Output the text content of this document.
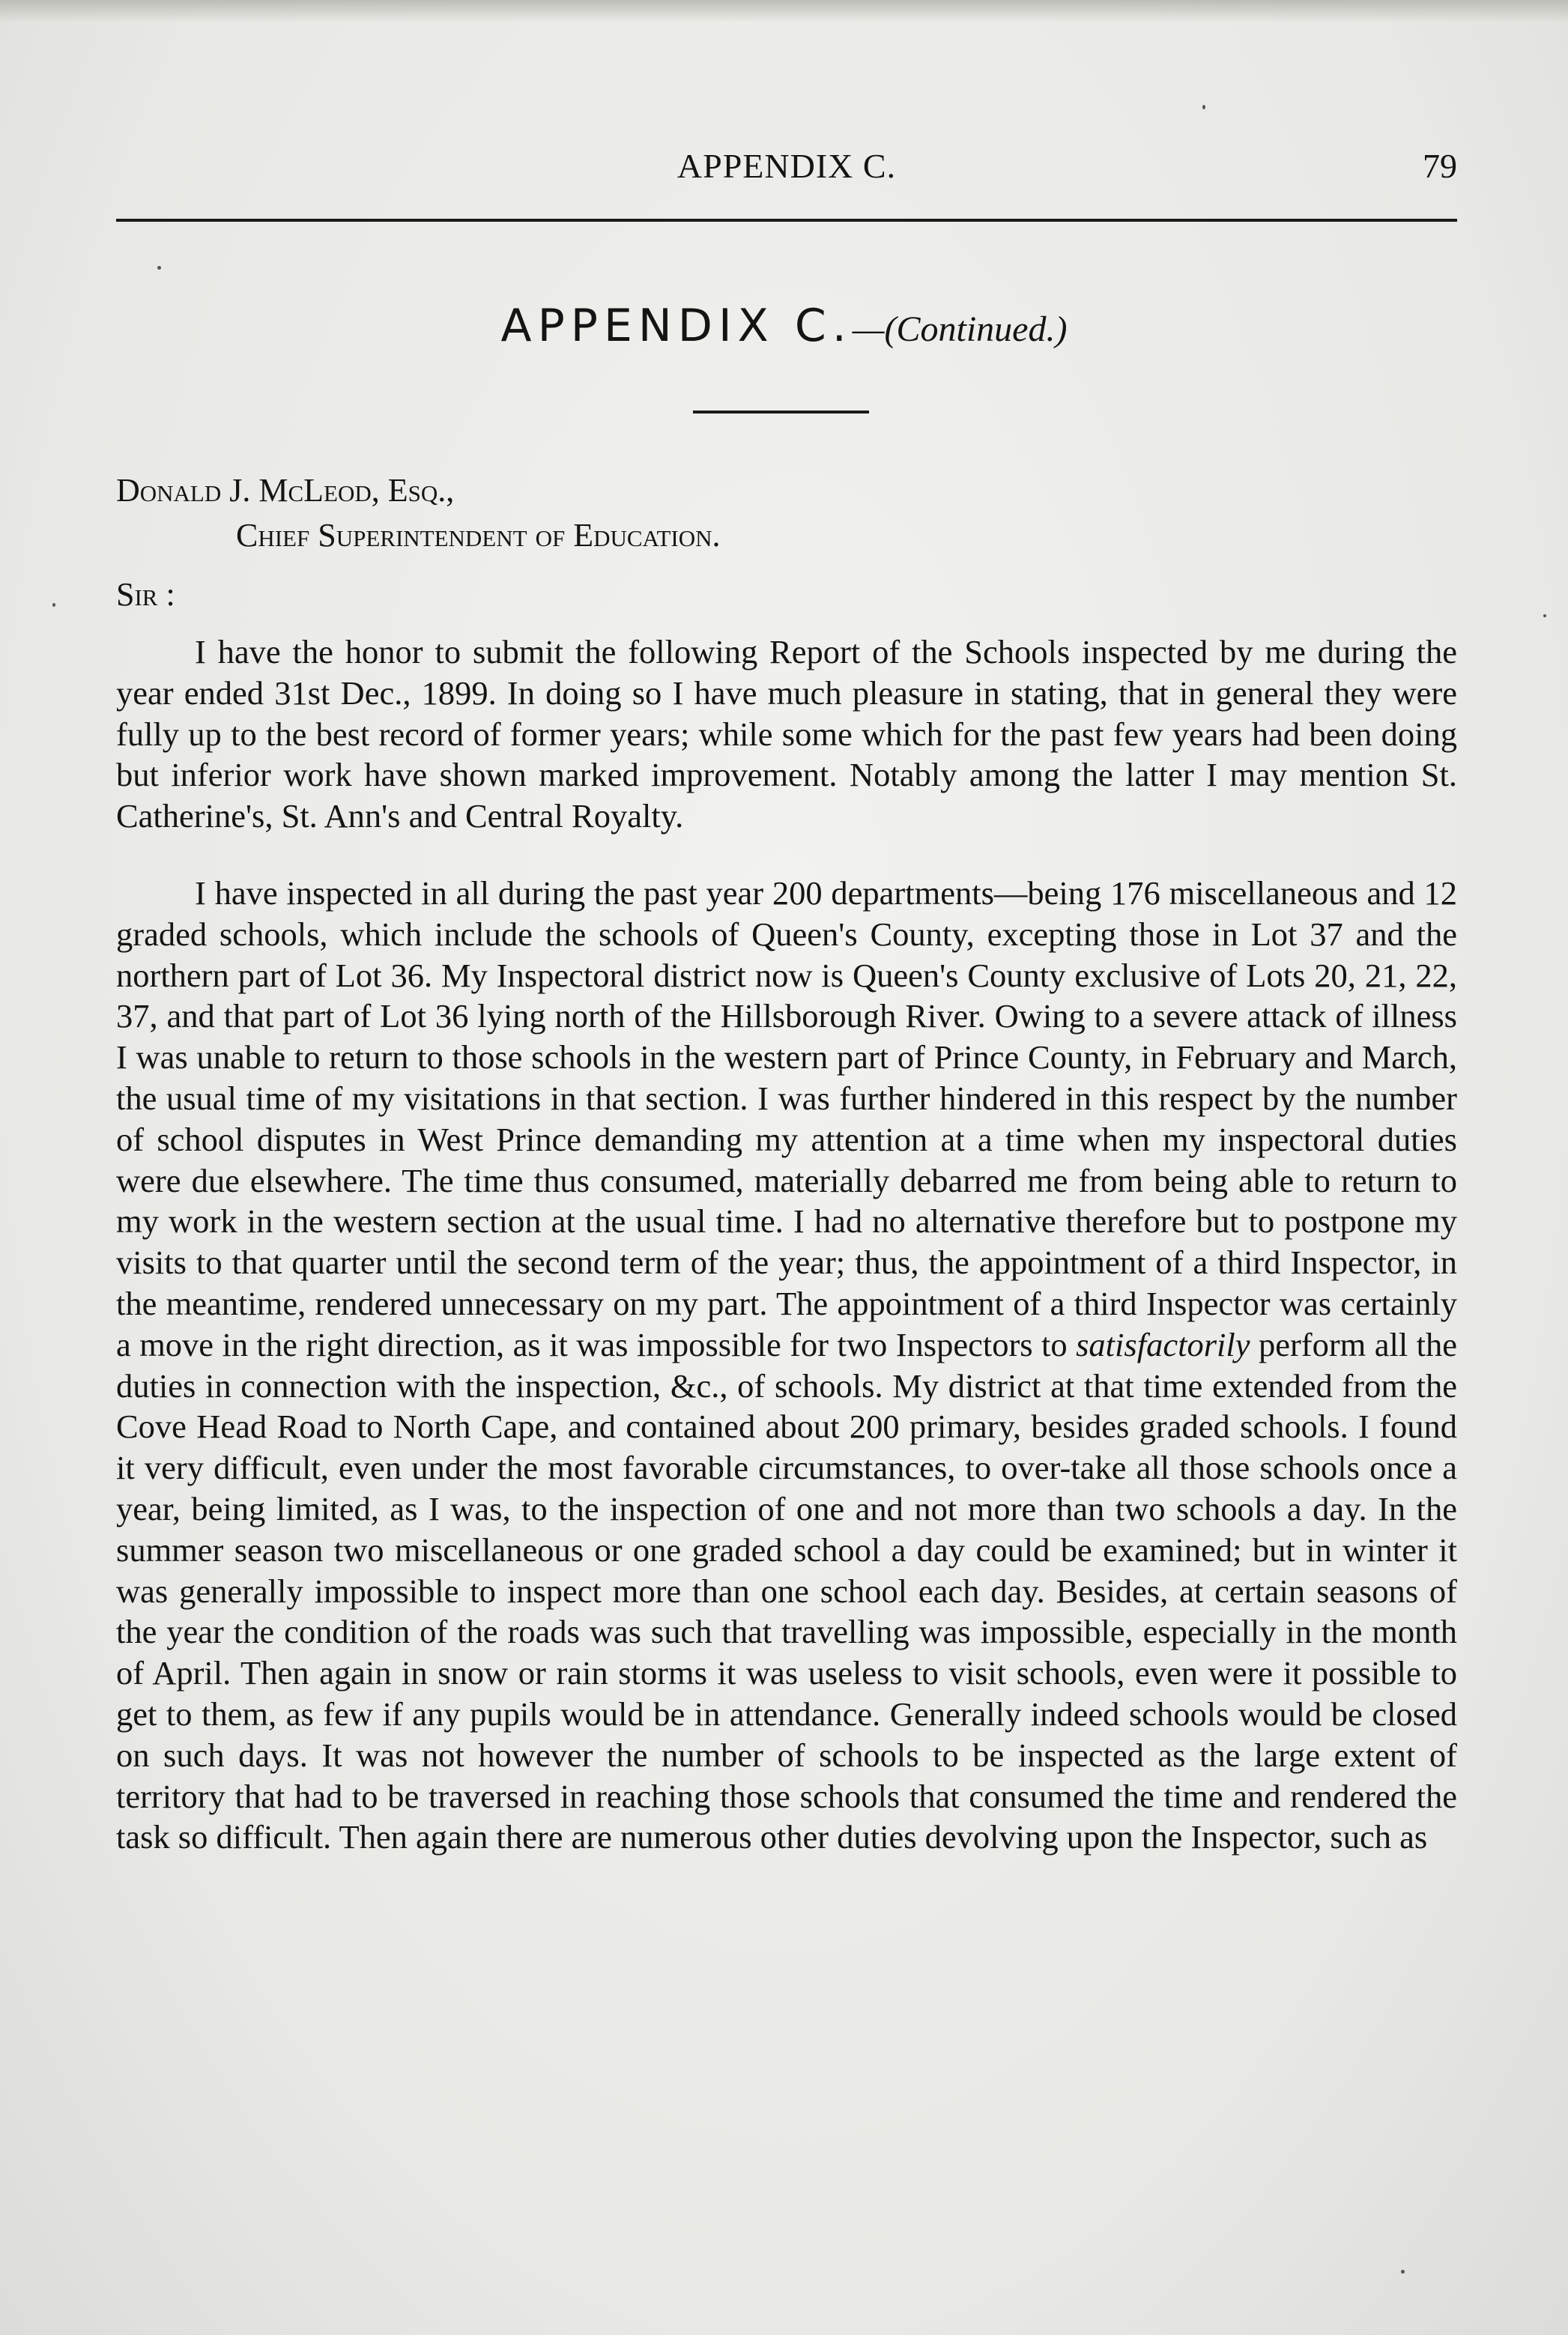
APPENDIX C.	79
APPENDIX C.—(Continued.)
Donald J. McLeod, Esq.,
Chief Superintendent of Education.
Sir :

I have the honor to submit the following Report of the Schools inspected by me during the year ended 31st Dec., 1899. In doing so I have much pleasure in stating, that in general they were fully up to the best record of former years; while some which for the past few years had been doing but inferior work have shown marked improvement. Notably among the latter I may mention St. Catherine's, St. Ann's and Central Royalty.

I have inspected in all during the past year 200 departments—being 176 miscellaneous and 12 graded schools, which include the schools of Queen's County, excepting those in Lot 37 and the northern part of Lot 36. My Inspectoral district now is Queen's County exclusive of Lots 20, 21, 22, 37, and that part of Lot 36 lying north of the Hillsborough River. Owing to a severe attack of illness I was unable to return to those schools in the western part of Prince County, in February and March, the usual time of my visitations in that section. I was further hindered in this respect by the number of school disputes in West Prince demanding my attention at a time when my inspectoral duties were due elsewhere. The time thus consumed, materially debarred me from being able to return to my work in the western section at the usual time. I had no alternative therefore but to postpone my visits to that quarter until the second term of the year; thus, the appointment of a third Inspector, in the meantime, rendered unnecessary on my part. The appointment of a third Inspector was certainly a move in the right direction, as it was impossible for two Inspectors to satisfactorily perform all the duties in connection with the inspection, &c., of schools. My district at that time extended from the Cove Head Road to North Cape, and contained about 200 primary, besides graded schools. I found it very difficult, even under the most favorable circumstances, to over-take all those schools once a year, being limited, as I was, to the inspection of one and not more than two schools a day. In the summer season two miscellaneous or one graded school a day could be examined; but in winter it was generally impossible to inspect more than one school each day. Besides, at certain seasons of the year the condition of the roads was such that travelling was impossible, especially in the month of April. Then again in snow or rain storms it was useless to visit schools, even were it possible to get to them, as few if any pupils would be in attendance. Generally indeed schools would be closed on such days. It was not however the number of schools to be inspected as the large extent of territory that had to be traversed in reaching those schools that consumed the time and rendered the task so difficult. Then again there are numerous other duties devolving upon the Inspector, such as
